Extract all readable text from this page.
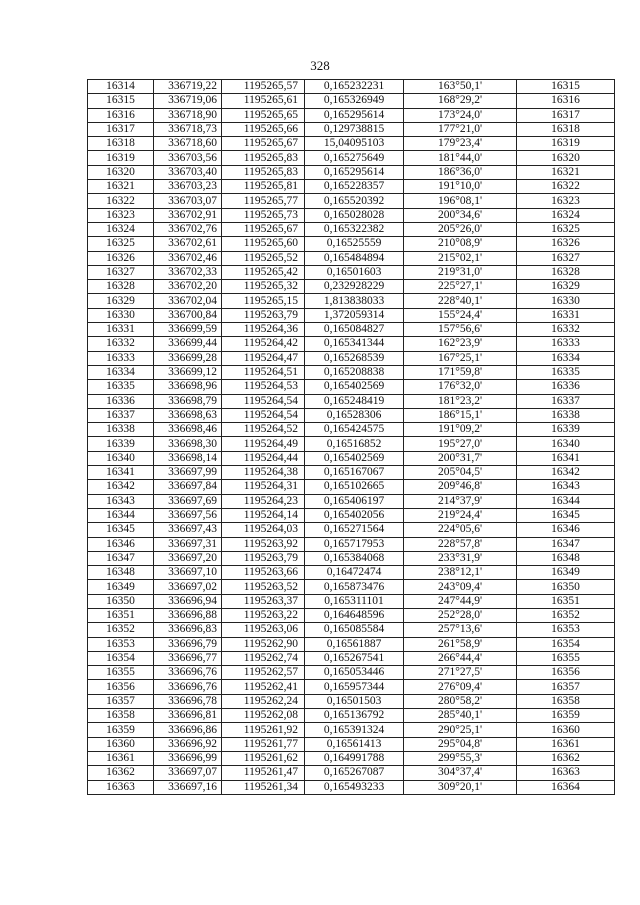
328
16314	336719,22	1195265,57	0,165232231	163°50,1'	16315
16315	336719,06	1195265,61	0,165326949	168°29,2'	16316
16316	336718,90	1195265,65	0,165295614	173°24,0'	16317
16317	336718,73	1195265,66	0,129738815	177°21,0'	16318
16318	336718,60	1195265,67	15,04095103	179°23,4'	16319
16319	336703,56	1195265,83	0,165275649	181°44,0'	16320
16320	336703,40	1195265,83	0,165295614	186°36,0'	16321
16321	336703,23	1195265,81	0,165228357	191°10,0'	16322
16322	336703,07	1195265,77	0,165520392	196°08,1'	16323
16323	336702,91	1195265,73	0,165028028	200°34,6'	16324
16324	336702,76	1195265,67	0,165322382	205°26,0'	16325
16325	336702,61	1195265,60	0,16525559	210°08,9'	16326
16326	336702,46	1195265,52	0,165484894	215°02,1'	16327
16327	336702,33	1195265,42	0,16501603	219°31,0'	16328
16328	336702,20	1195265,32	0,232928229	225°27,1'	16329
16329	336702,04	1195265,15	1,813838033	228°40,1'	16330
16330	336700,84	1195263,79	1,372059314	155°24,4'	16331
16331	336699,59	1195264,36	0,165084827	157°56,6'	16332
16332	336699,44	1195264,42	0,165341344	162°23,9'	16333
16333	336699,28	1195264,47	0,165268539	167°25,1'	16334
16334	336699,12	1195264,51	0,165208838	171°59,8'	16335
16335	336698,96	1195264,53	0,165402569	176°32,0'	16336
16336	336698,79	1195264,54	0,165248419	181°23,2'	16337
16337	336698,63	1195264,54	0,16528306	186°15,1'	16338
16338	336698,46	1195264,52	0,165424575	191°09,2'	16339
16339	336698,30	1195264,49	0,16516852	195°27,0'	16340
16340	336698,14	1195264,44	0,165402569	200°31,7'	16341
16341	336697,99	1195264,38	0,165167067	205°04,5'	16342
16342	336697,84	1195264,31	0,165102665	209°46,8'	16343
16343	336697,69	1195264,23	0,165406197	214°37,9'	16344
16344	336697,56	1195264,14	0,165402056	219°24,4'	16345
16345	336697,43	1195264,03	0,165271564	224°05,6'	16346
16346	336697,31	1195263,92	0,165717953	228°57,8'	16347
16347	336697,20	1195263,79	0,165384068	233°31,9'	16348
16348	336697,10	1195263,66	0,16472474	238°12,1'	16349
16349	336697,02	1195263,52	0,165873476	243°09,4'	16350
16350	336696,94	1195263,37	0,165311101	247°44,9'	16351
16351	336696,88	1195263,22	0,164648596	252°28,0'	16352
16352	336696,83	1195263,06	0,165085584	257°13,6'	16353
16353	336696,79	1195262,90	0,16561887	261°58,9'	16354
16354	336696,77	1195262,74	0,165267541	266°44,4'	16355
16355	336696,76	1195262,57	0,165053446	271°27,5'	16356
16356	336696,76	1195262,41	0,165957344	276°09,4'	16357
16357	336696,78	1195262,24	0,16501503	280°58,2'	16358
16358	336696,81	1195262,08	0,165136792	285°40,1'	16359
16359	336696,86	1195261,92	0,165391324	290°25,1'	16360
16360	336696,92	1195261,77	0,16561413	295°04,8'	16361
16361	336696,99	1195261,62	0,164991788	299°55,3'	16362
16362	336697,07	1195261,47	0,165267087	304°37,4'	16363
16363	336697,16	1195261,34	0,165493233	309°20,1'	16364
